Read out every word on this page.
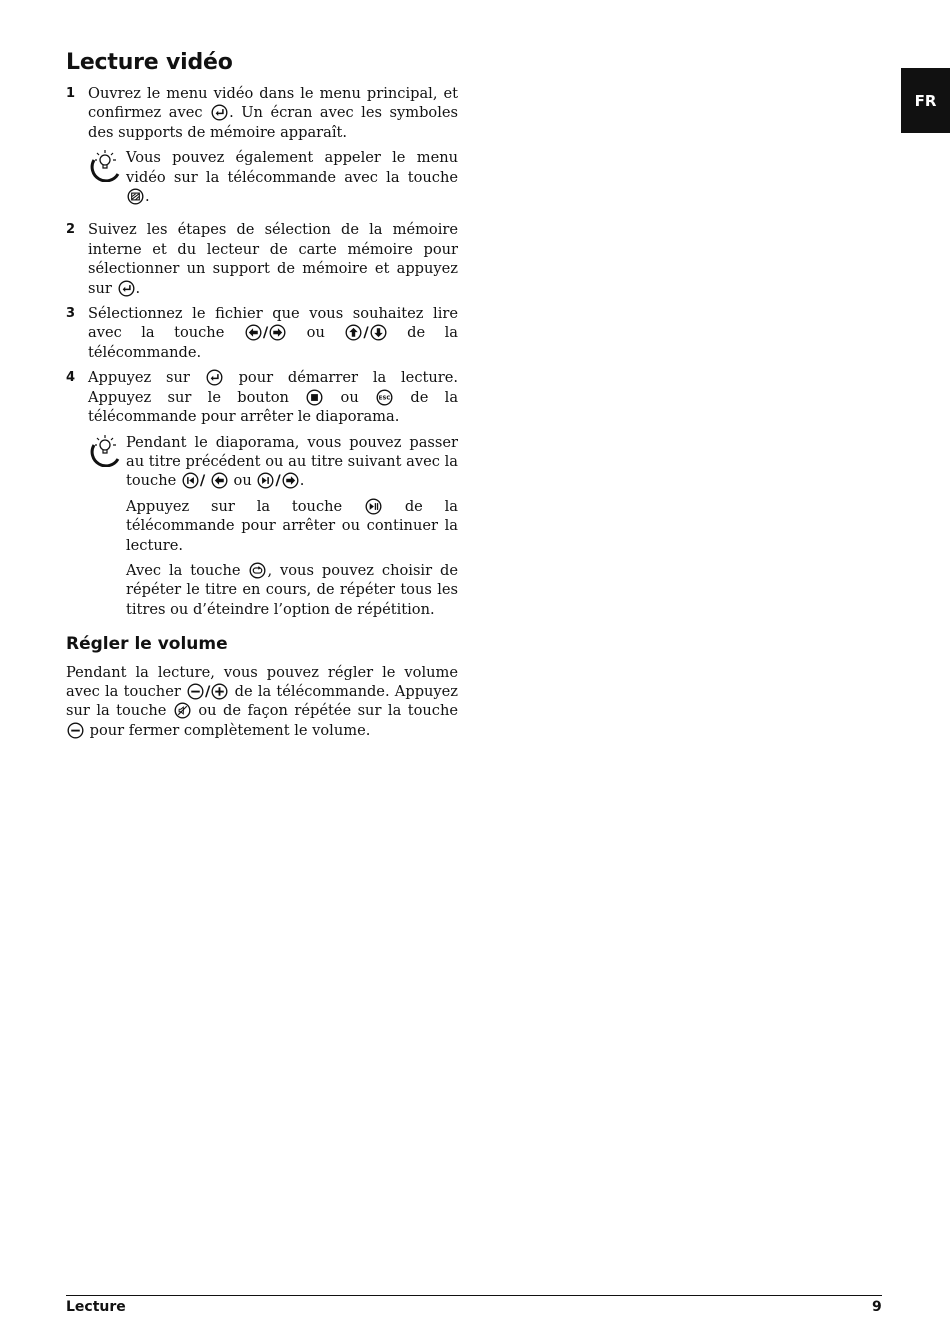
Lecture vidéo
FR
1 Ouvrez le menu vidéo dans le menu principal, et confirmez avec . Un écran avec les symboles des supports de mémoire apparaît.

Vous pouvez également appeler le menu vidéo sur la télécommande avec la touche
.

2 Suivez les étapes de sélection de la mémoire interne et du lecteur de carte mémoire pour sélectionner un support de mémoire et appuyez sur .
3 Sélectionnez le fichier que vous souhaitez lire avec la touche	/	ou	/	de la télécommande.
4 Appuyez sur	pour démarrer la lecture. Appuyez sur le bouton	ou	ESC de la télécommande pour arrêter le diaporama.

Pendant le diaporama, vous pouvez passer au titre précédent ou au titre suivant avec la touche / ou / .

Appuyez sur la touche	de la télécommande pour arrêter ou continuer la lecture.

Avec la touche , vous pouvez choisir de répéter le titre en cours, de répéter tous les titres ou d’éteindre l’option de répétition.

Régler le volume

Pendant la lecture, vous pouvez régler le volume avec la toucher / de la télécommande. Appuyez sur la touche ou de façon répétée sur la touche
pour fermer complètement le volume.

Lecture	9
